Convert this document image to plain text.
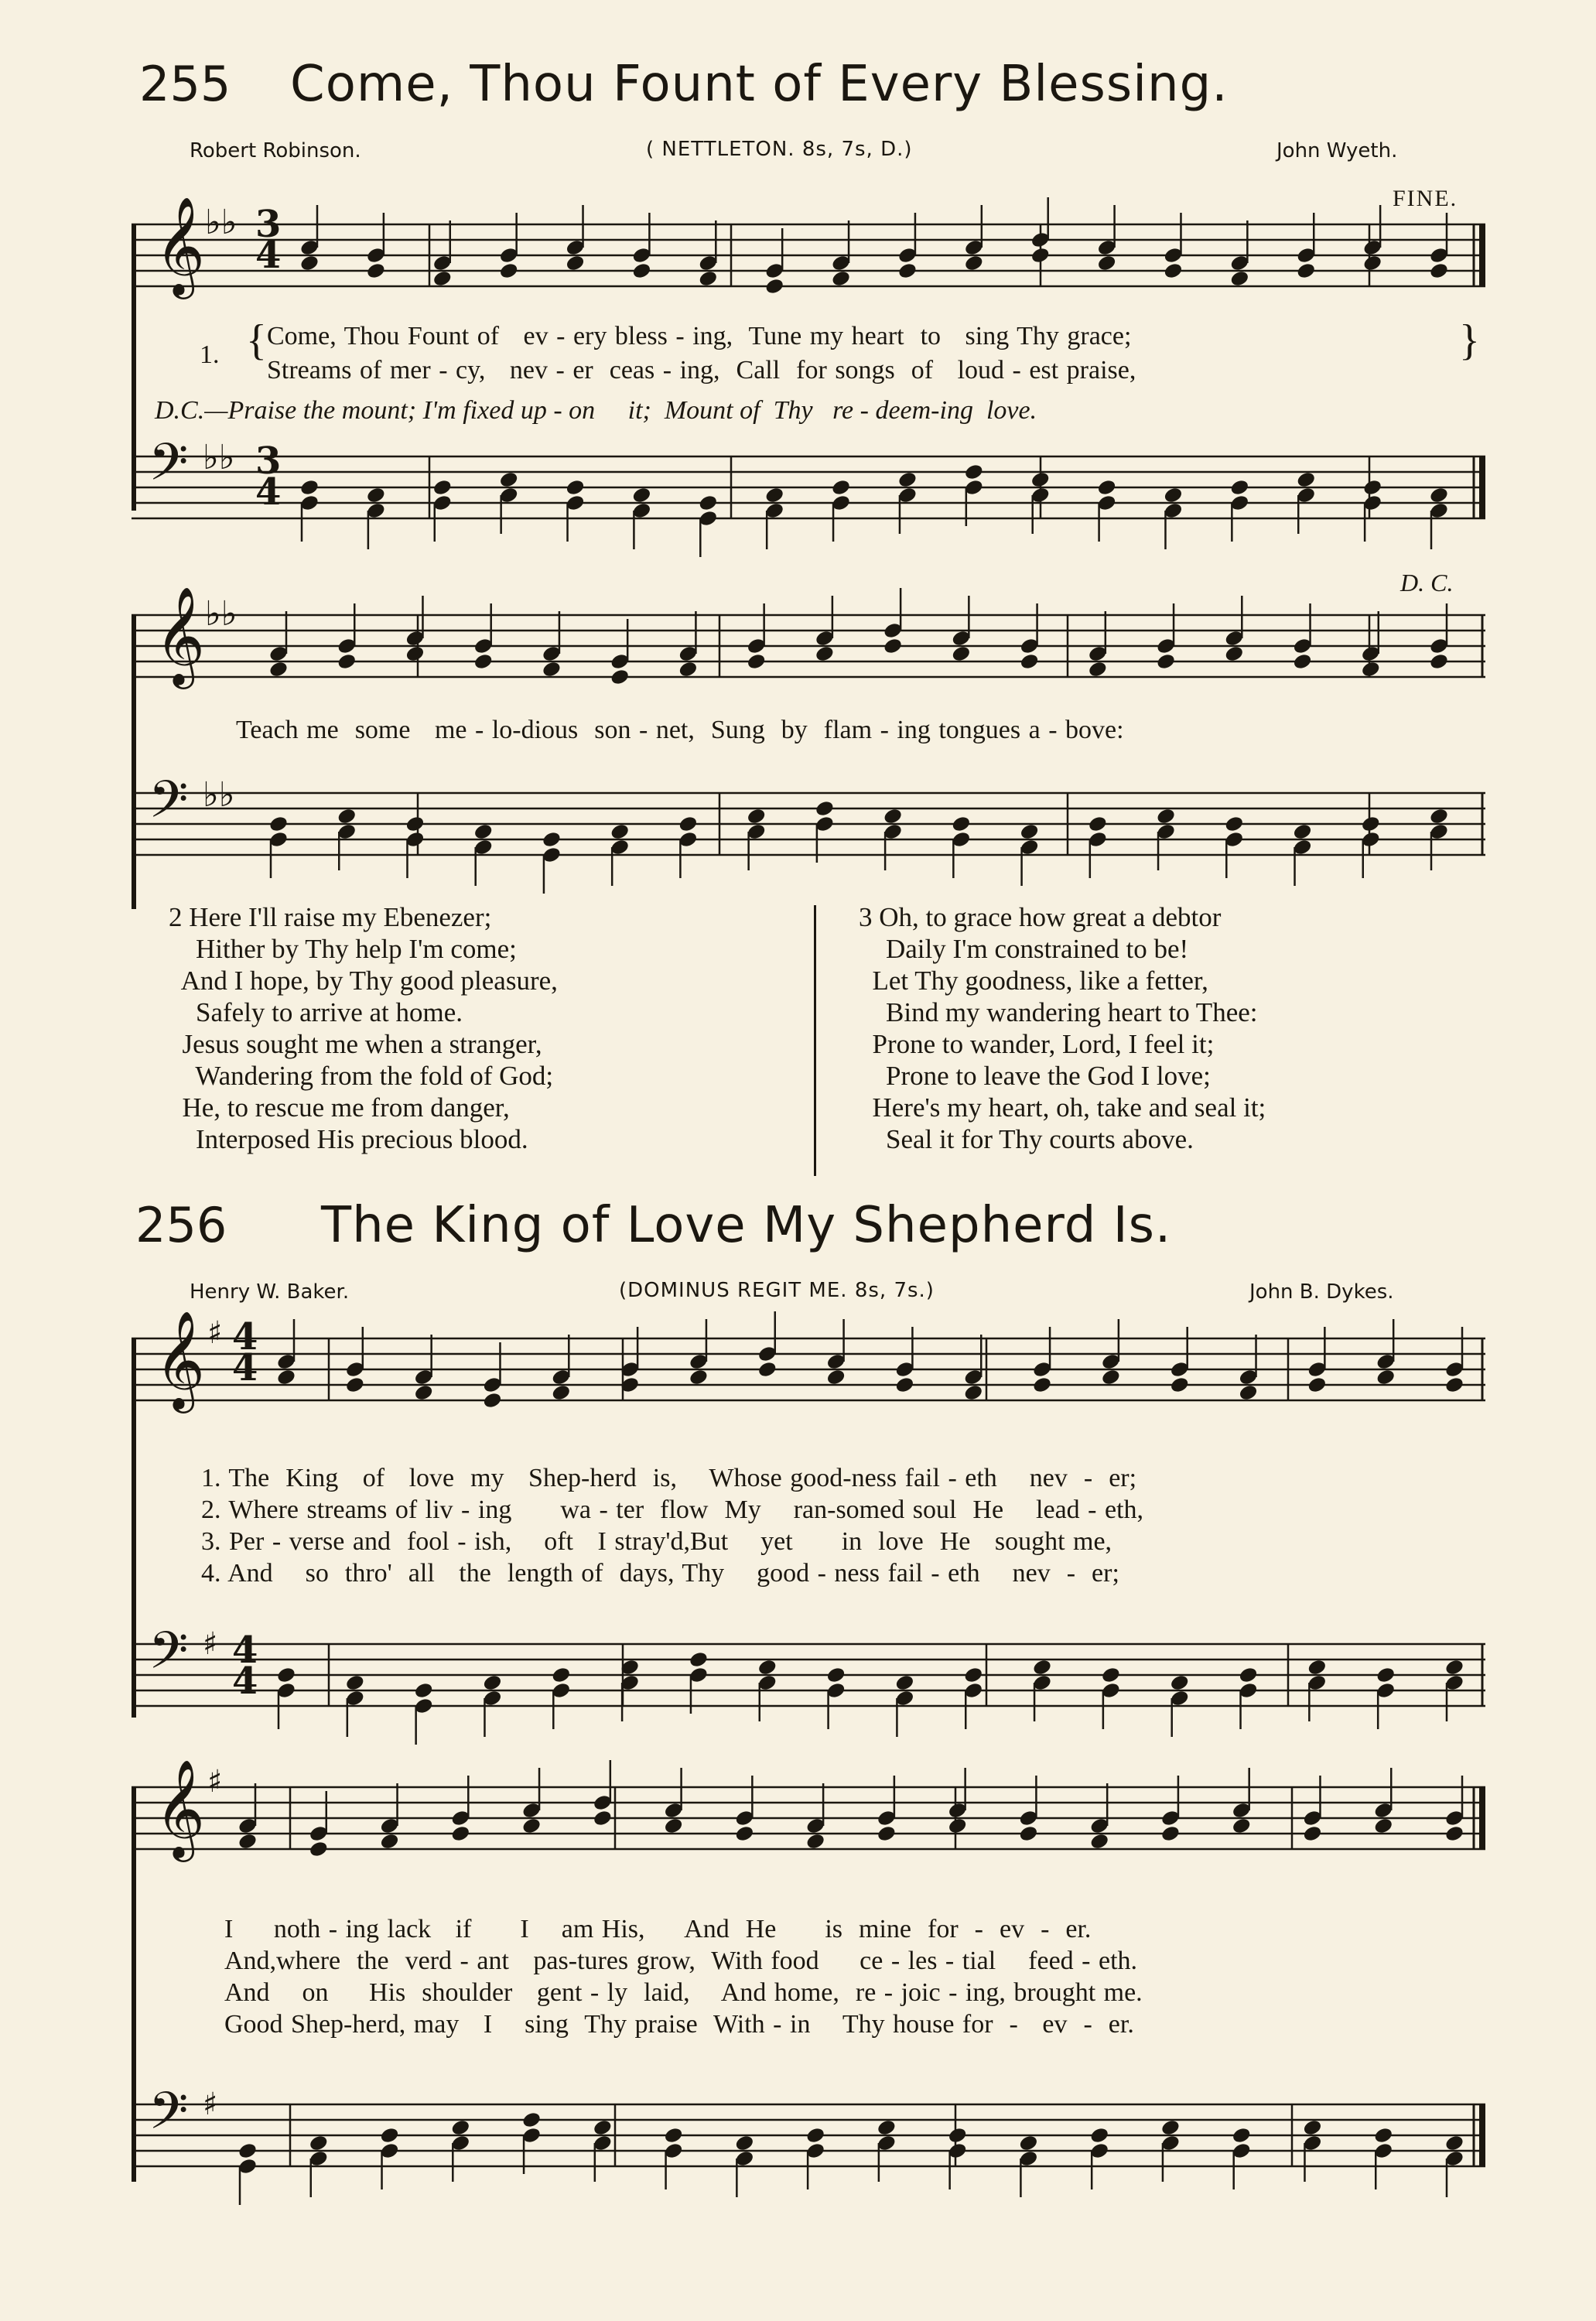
255 Come, Thou Fount of Every Blessing.
Robert Robinson.	( NETTLETON. 8s, 7s, D.)	John Wyeth.
FINE.
𝄞 ♭♭ 3
4
1. { Come, Thou Fount of   ev - ery bless - ing,  Tune my heart  to   sing Thy grace;
Streams of mer - cy,   nev - er  ceas - ing,  Call  for songs  of   loud - est praise,
}
D.C.—Praise the mount; I'm fixed up - on     it;  Mount of  Thy   re - deem-ing  love.
𝄢 ♭♭ 3
4
D. C.
𝄞 ♭♭
Teach me  some   me - lo-dious  son - net,  Sung  by  flam - ing tongues a - bove:
𝄢 ♭♭
2 Here I'll raise my Ebenezer;
Hither by Thy help I'm come;
And I hope, by Thy good pleasure,
Safely to arrive at home.
Jesus sought me when a stranger,
Wandering from the fold of God;
He, to rescue me from danger,
Interposed His precious blood.
3 Oh, to grace how great a debtor
Daily I'm constrained to be!
Let Thy goodness, like a fetter,
Bind my wandering heart to Thee:
Prone to wander, Lord, I feel it;
Prone to leave the God I love;
Here's my heart, oh, take and seal it;
Seal it for Thy courts above.
256 The King of Love My Shepherd Is.
Henry W. Baker.	(DOMINUS REGIT ME. 8s, 7s.)	John B. Dykes.
𝄞 ♯ 4
4
1. The  King   of   love  my   Shep-herd  is,    Whose good-ness fail - eth    nev  -  er;
2. Where streams of liv - ing      wa - ter  flow  My    ran-somed soul  He    lead - eth,
3. Per - verse and  fool - ish,    oft   I stray'd,But    yet      in  love  He   sought me,
4. And    so  thro'  all   the  length of  days, Thy    good - ness fail - eth    nev  -  er;
𝄢 ♯ 4
4
𝄞 ♯
I     noth - ing lack   if      I    am His,     And  He      is  mine  for  -  ev  -  er.
And,where  the  verd - ant   pas-tures grow,  With food     ce - les - tial    feed - eth.
And    on     His  shoulder   gent - ly  laid,    And home,  re - joic - ing, brought me.
Good Shep-herd, may   I    sing  Thy praise  With - in    Thy house for  -   ev  -  er.
𝄢 ♯
